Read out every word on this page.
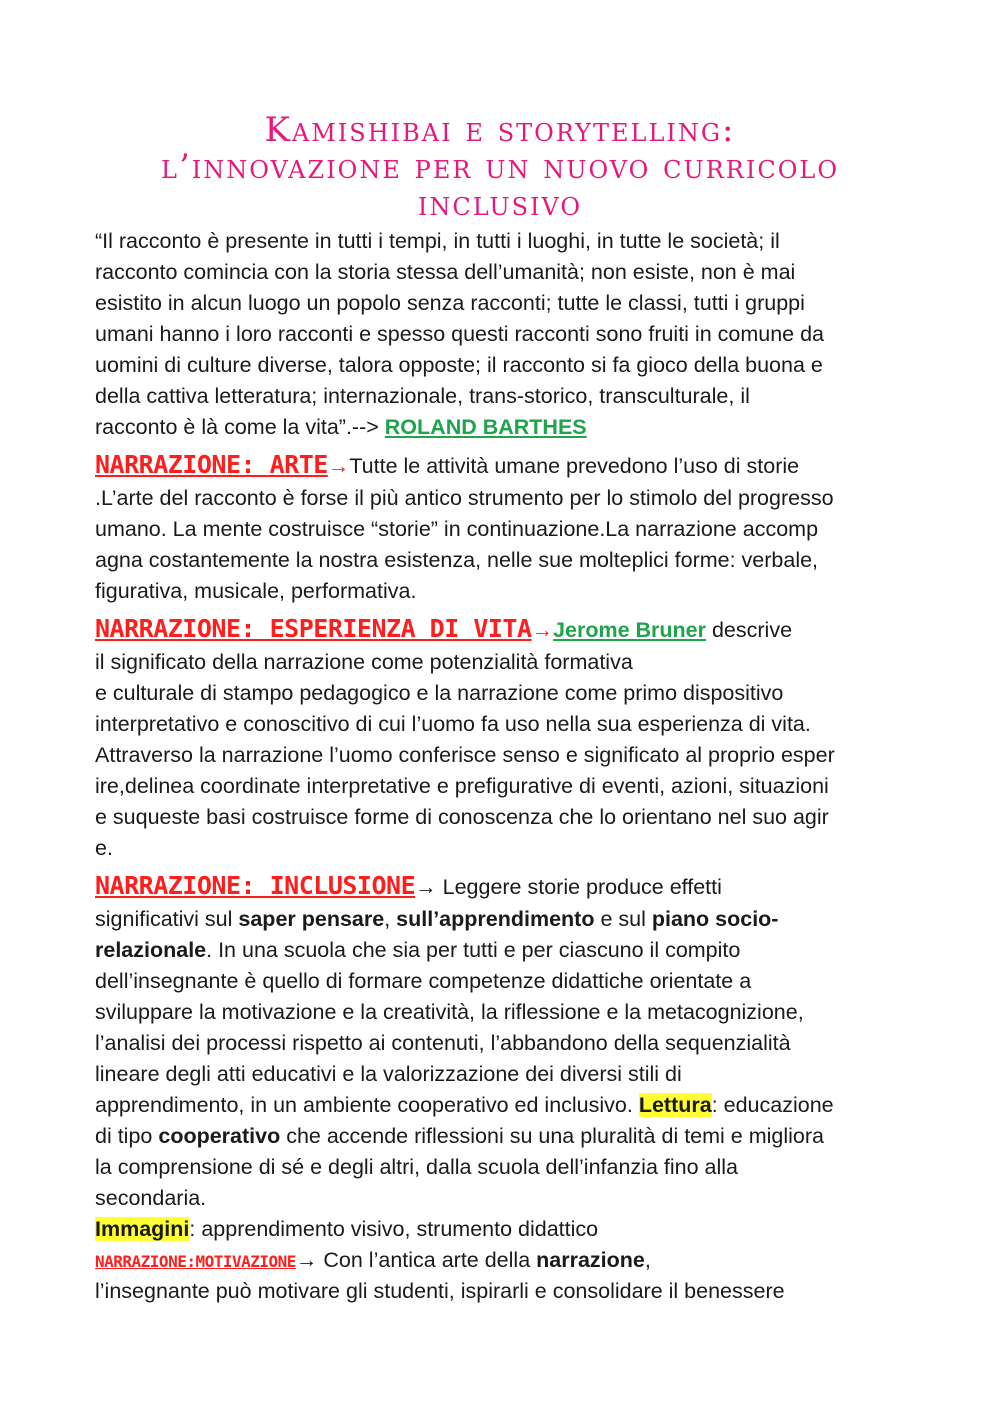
Kamishibai e storytelling:
l’innovazione per un nuovo curricolo
inclusivo
“Il racconto è presente in tutti i tempi, in tutti i luoghi, in tutte le società; il
racconto comincia con la storia stessa dell’umanità; non esiste, non è mai
esistito in alcun luogo un popolo senza racconti; tutte le classi, tutti i gruppi
umani hanno i loro racconti e spesso questi racconti sono fruiti in comune da
uomini di culture diverse, talora opposte; il racconto si fa gioco della buona e
della cattiva letteratura; internazionale, trans-storico, transculturale, il
racconto è là come la vita”.--> ROLAND BARTHES
NARRAZIONE: ARTE→Tutte le attività umane prevedono l’uso di storie
.L’arte del racconto è forse il più antico strumento per lo stimolo del progresso
umano. La mente costruisce “storie” in continuazione.La narrazione accomp
agna costantemente la nostra esistenza, nelle sue molteplici forme: verbale,
figurativa, musicale, performativa.
NARRAZIONE: ESPERIENZA DI VITA→Jerome Bruner descrive
il significato della narrazione come potenzialità formativa
e culturale di stampo pedagogico e la narrazione come primo dispositivo
interpretativo e conoscitivo di cui l’uomo fa uso nella sua esperienza di vita.
Attraverso la narrazione l’uomo conferisce senso e significato al proprio esper
ire,delinea coordinate interpretative e prefigurative di eventi, azioni, situazioni
e suqueste basi costruisce forme di conoscenza che lo orientano nel suo agir
e.
NARRAZIONE: INCLUSIONE→ Leggere storie produce effetti
significativi sul saper pensare, sull’apprendimento e sul piano socio-
relazionale. In una scuola che sia per tutti e per ciascuno il compito
dell’insegnante è quello di formare competenze didattiche orientate a
sviluppare la motivazione e la creatività, la riflessione e la metacognizione,
l’analisi dei processi rispetto ai contenuti, l’abbandono della sequenzialità
lineare degli atti educativi e la valorizzazione dei diversi stili di
apprendimento, in un ambiente cooperativo ed inclusivo. Lettura: educazione
di tipo cooperativo che accende riflessioni su una pluralità di temi e migliora
la comprensione di sé e degli altri, dalla scuola dell’infanzia fino alla
secondaria.
Immagini: apprendimento visivo, strumento didattico
NARRAZIONE:MOTIVAZIONE→ Con l’antica arte della narrazione,
l’insegnante può motivare gli studenti, ispirarli e consolidare il benessere
